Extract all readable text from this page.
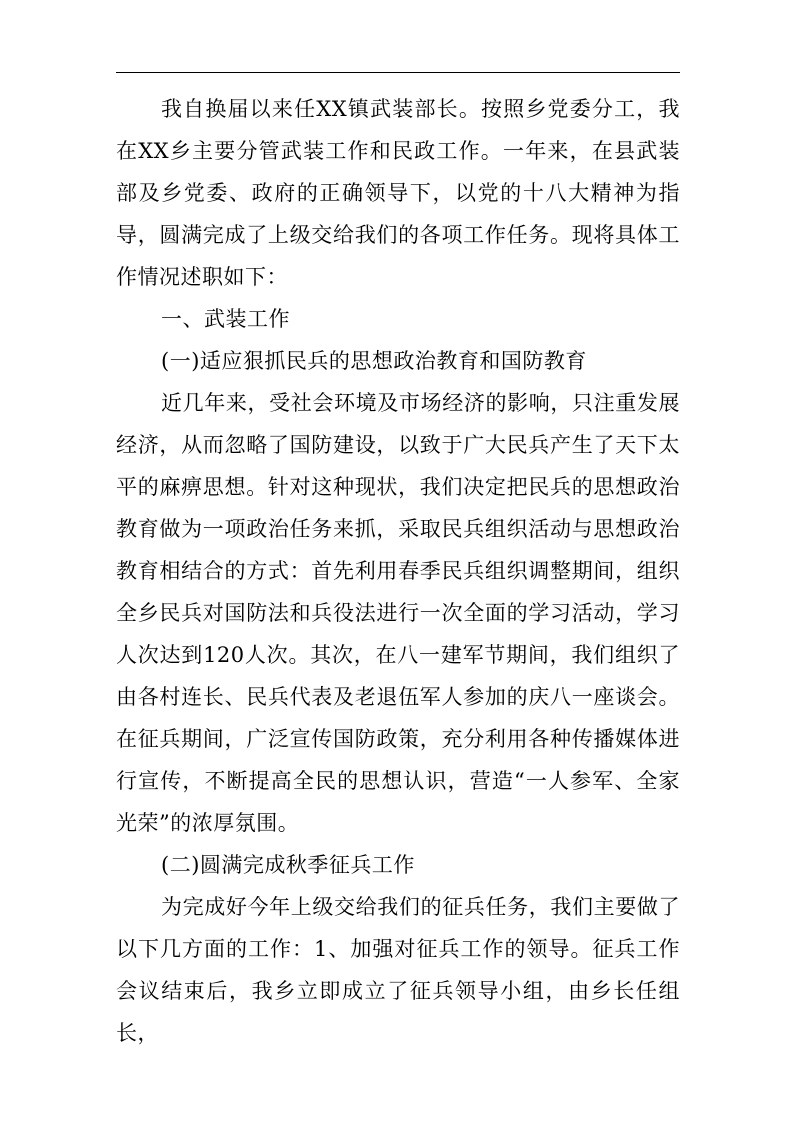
我自换届以来任XX镇武装部长。按照乡党委分工，我在XX乡主要分管武装工作和民政工作。一年来，在县武装部及乡党委、政府的正确领导下，以党的十八大精神为指导，圆满完成了上级交给我们的各项工作任务。现将具体工作情况述职如下：

一、武装工作

(一)适应狠抓民兵的思想政治教育和国防教育

近几年来，受社会环境及市场经济的影响，只注重发展经济，从而忽略了国防建设，以致于广大民兵产生了天下太平的麻痹思想。针对这种现状，我们决定把民兵的思想政治教育做为一项政治任务来抓，采取民兵组织活动与思想政治教育相结合的方式：首先利用春季民兵组织调整期间，组织全乡民兵对国防法和兵役法进行一次全面的学习活动，学习人次达到120人次。其次，在八一建军节期间，我们组织了由各村连长、民兵代表及老退伍军人参加的庆八一座谈会。在征兵期间，广泛宣传国防政策，充分利用各种传播媒体进行宣传，不断提高全民的思想认识，营造“一人参军、全家光荣”的浓厚氛围。

(二)圆满完成秋季征兵工作

为完成好今年上级交给我们的征兵任务，我们主要做了以下几方面的工作：1、加强对征兵工作的领导。征兵工作会议结束后，我乡立即成立了征兵领导小组，由乡长任组长，
